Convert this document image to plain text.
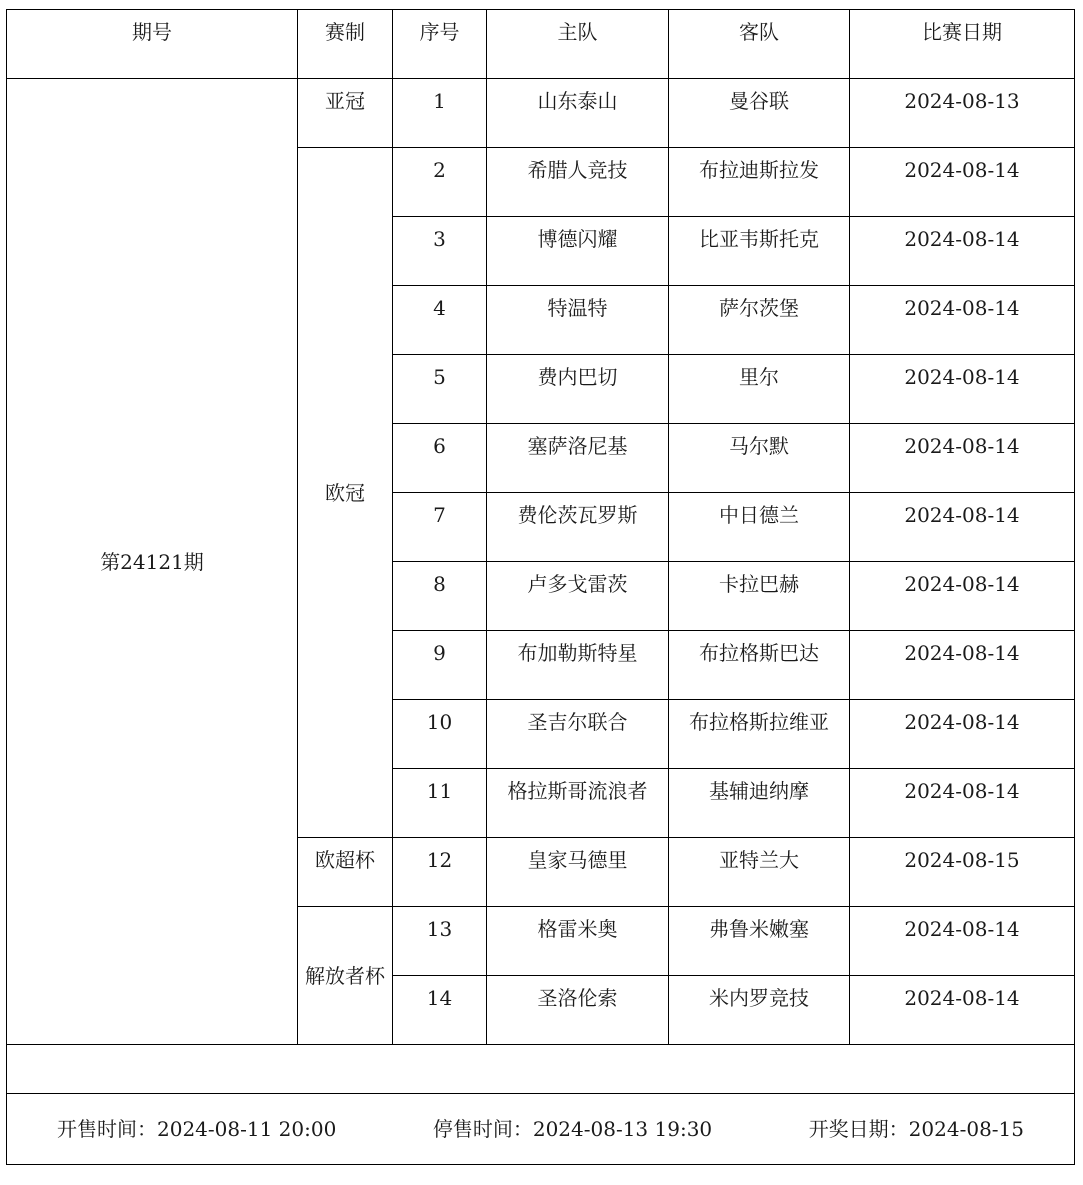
期号	赛制	序号	主队	客队	比赛日期
第24121期	亚冠	1	山东泰山	曼谷联	2024-08-13
	欧冠	2	希腊人竞技	布拉迪斯拉发	2024-08-14
		3	博德闪耀	比亚韦斯托克	2024-08-14
		4	特温特	萨尔茨堡	2024-08-14
		5	费内巴切	里尔	2024-08-14
		6	塞萨洛尼基	马尔默	2024-08-14
		7	费伦茨瓦罗斯	中日德兰	2024-08-14
		8	卢多戈雷茨	卡拉巴赫	2024-08-14
		9	布加勒斯特星	布拉格斯巴达	2024-08-14
		10	圣吉尔联合	布拉格斯拉维亚	2024-08-14
		11	格拉斯哥流浪者	基辅迪纳摩	2024-08-14
	欧超杯	12	皇家马德里	亚特兰大	2024-08-15
	解放者杯	13	格雷米奥	弗鲁米嫩塞	2024-08-14
		14	圣洛伦索	米内罗竞技	2024-08-14

开售时间：2024-08-11 20:00 停售时间：2024-08-13 19:30 开奖日期：2024-08-15					
